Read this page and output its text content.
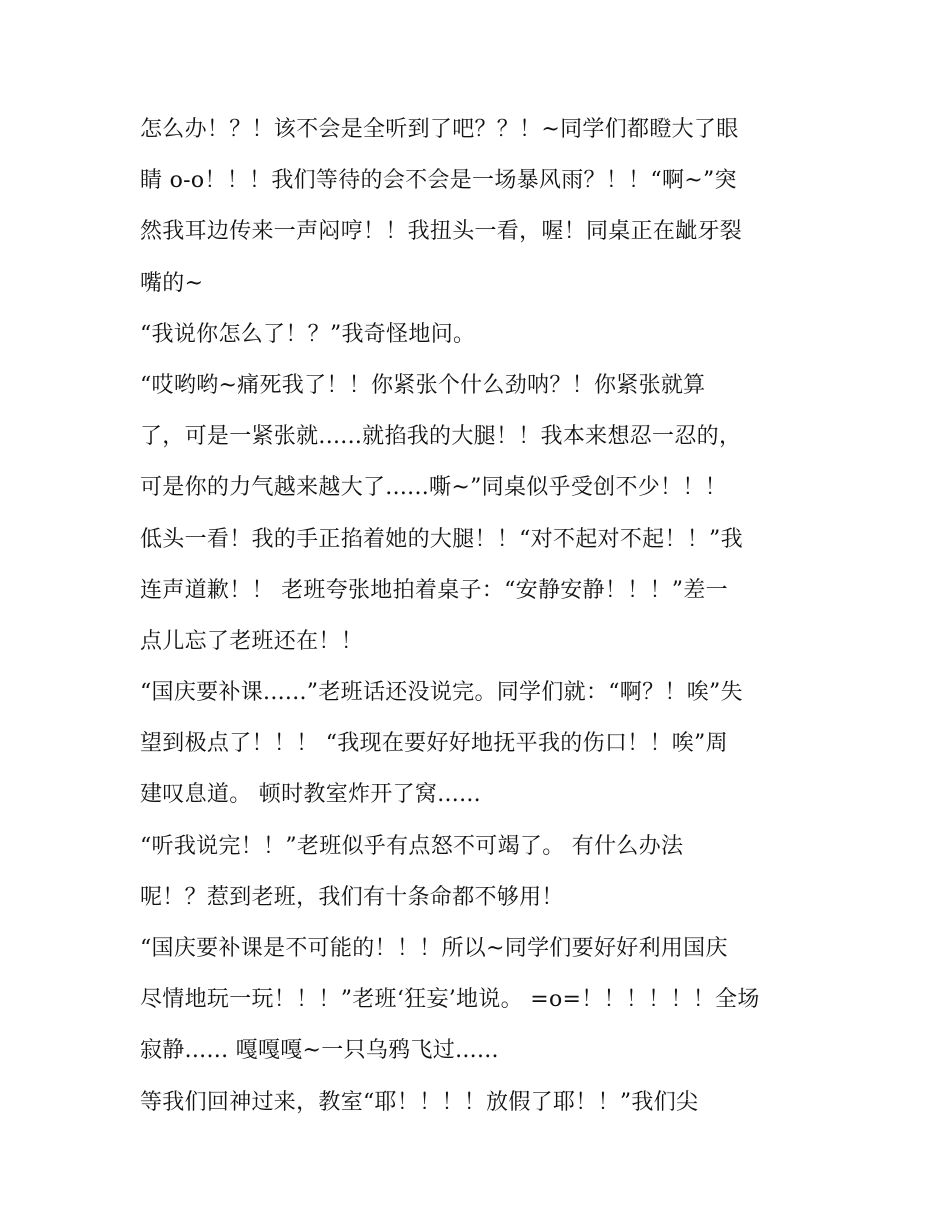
怎么办！？！该不会是全听到了吧？？！~同学们都瞪大了眼
睛 o-o！！！我们等待的会不会是一场暴风雨？！！“啊~”突
然我耳边传来一声闷哼！！我扭头一看，喔！同桌正在龇牙裂
嘴的~
“我说你怎么了！？”我奇怪地问。
“哎哟哟~痛死我了！！你紧张个什么劲呐？！你紧张就算
了，可是一紧张就......就掐我的大腿！！我本来想忍一忍的，
可是你的力气越来越大了......嘶~”同桌似乎受创不少！！！
低头一看！我的手正掐着她的大腿！！“对不起对不起！！”我
连声道歉！！ 老班夸张地拍着桌子：“安静安静！！！”差一
点儿忘了老班还在！！
“国庆要补课......”老班话还没说完。同学们就：“啊？！唉”失
望到极点了！！！ “我现在要好好地抚平我的伤口！！唉”周
建叹息道。 顿时教室炸开了窝......
“听我说完！！”老班似乎有点怒不可竭了。 有什么办法
呢！？惹到老班，我们有十条命都不够用！
“国庆要补课是不可能的！！！所以~同学们要好好利用国庆
尽情地玩一玩！！！”老班‘狂妄’地说。 =o=！！！！！！全场
寂静...... 嘎嘎嘎~一只乌鸦飞过......
等我们回神过来，教室“耶！！！！放假了耶！！”我们尖
